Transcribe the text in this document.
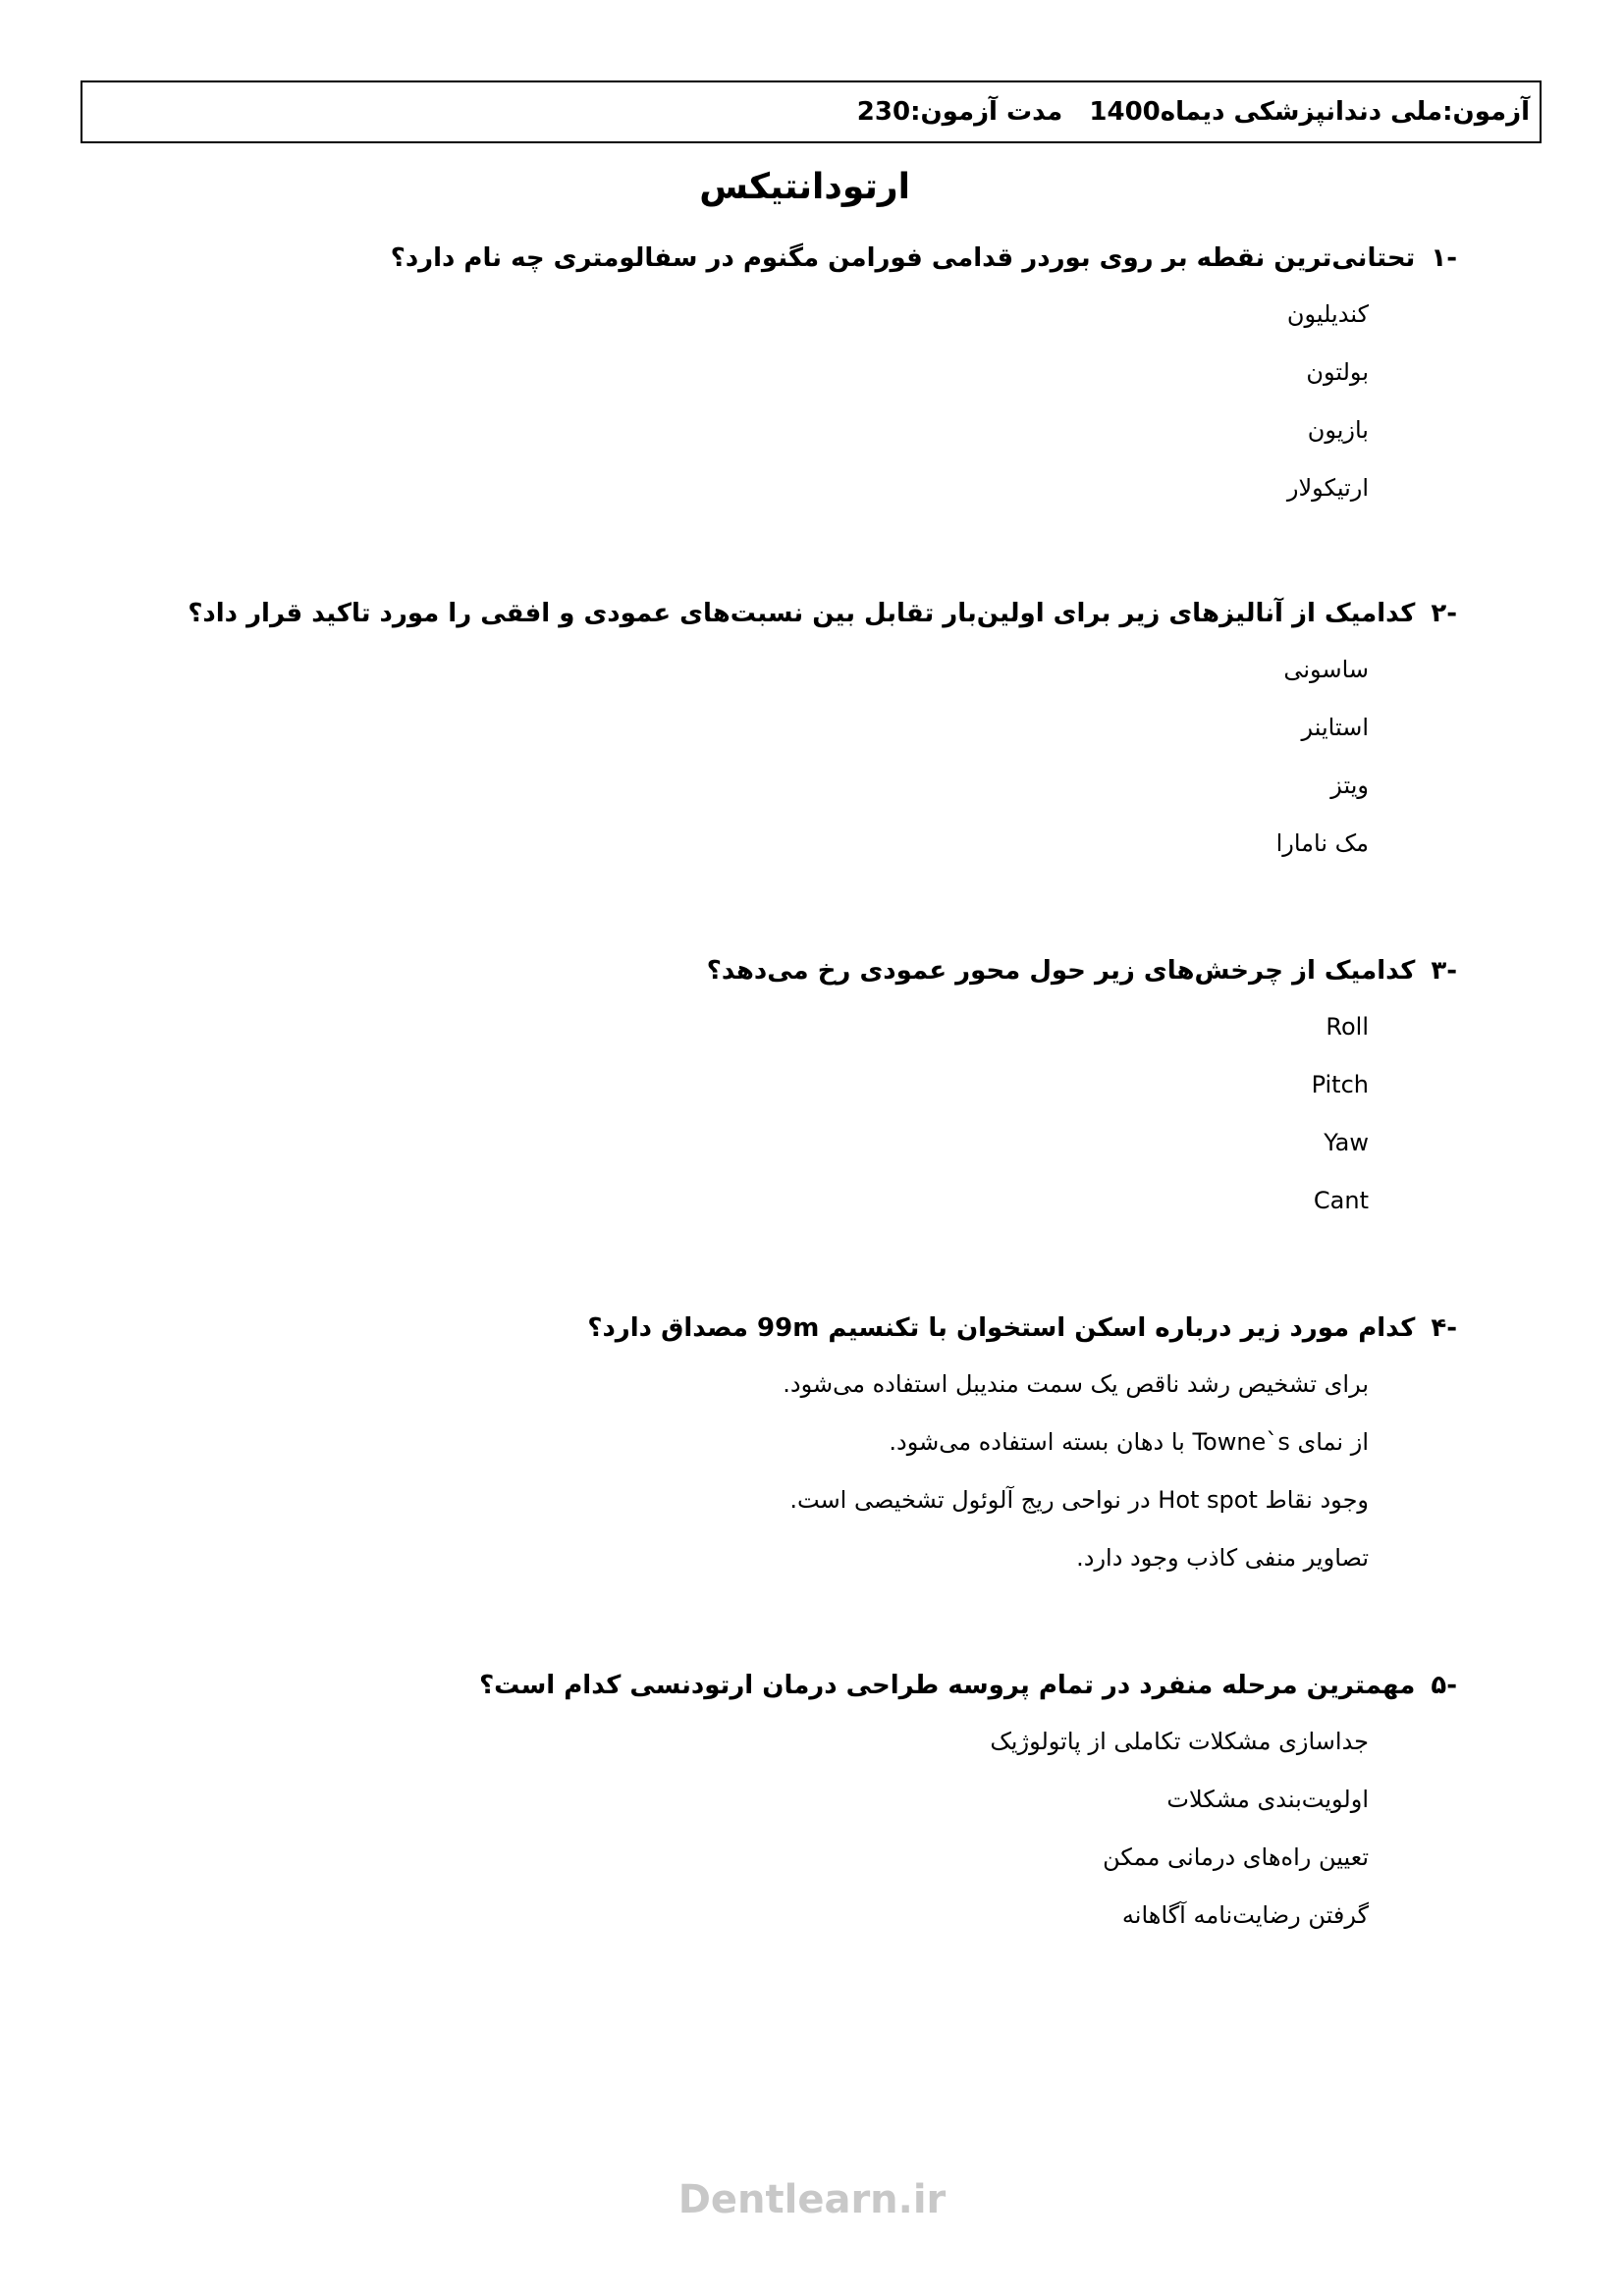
آزمون:ملی دندانپزشکی دیماه1400

مدت آزمون:230
ارتودانتیکس
-۱تحتانی‌ترین نقطه بر روی بوردر قدامی فورامن مگنوم در سفالومتری چه نام دارد؟
کندیلیون
بولتون
بازیون
ارتیکولار
-۲کدامیک از آنالیزهای زیر برای اولین‌بار تقابل بین نسبت‌های عمودی و افقی را مورد تاکید قرار داد؟
ساسونی
استاینر
ویتز
مک نامارا
-۳کدامیک از چرخش‌های زیر حول محور عمودی رخ می‌دهد؟
Roll
Pitch
Yaw
Cant
-۴کدام مورد زیر درباره اسکن استخوان با تکنسیم 99m مصداق دارد؟
برای تشخیص رشد ناقص یک سمت مندیبل استفاده می‌شود.
از نمای Towne`s با دهان بسته استفاده می‌شود.
وجود نقاط Hot spot در نواحی ریج آلوئول تشخیصی است.
تصاویر منفی کاذب وجود دارد.
-۵مهمترین مرحله منفرد در تمام پروسه طراحی درمان ارتودنسی کدام است؟
جداسازی مشکلات تکاملی از پاتولوژیک
اولویت‌بندی مشکلات
تعیین راه‌های درمانی ممکن
گرفتن رضایت‌نامه آگاهانه
Dentlearn.ir
